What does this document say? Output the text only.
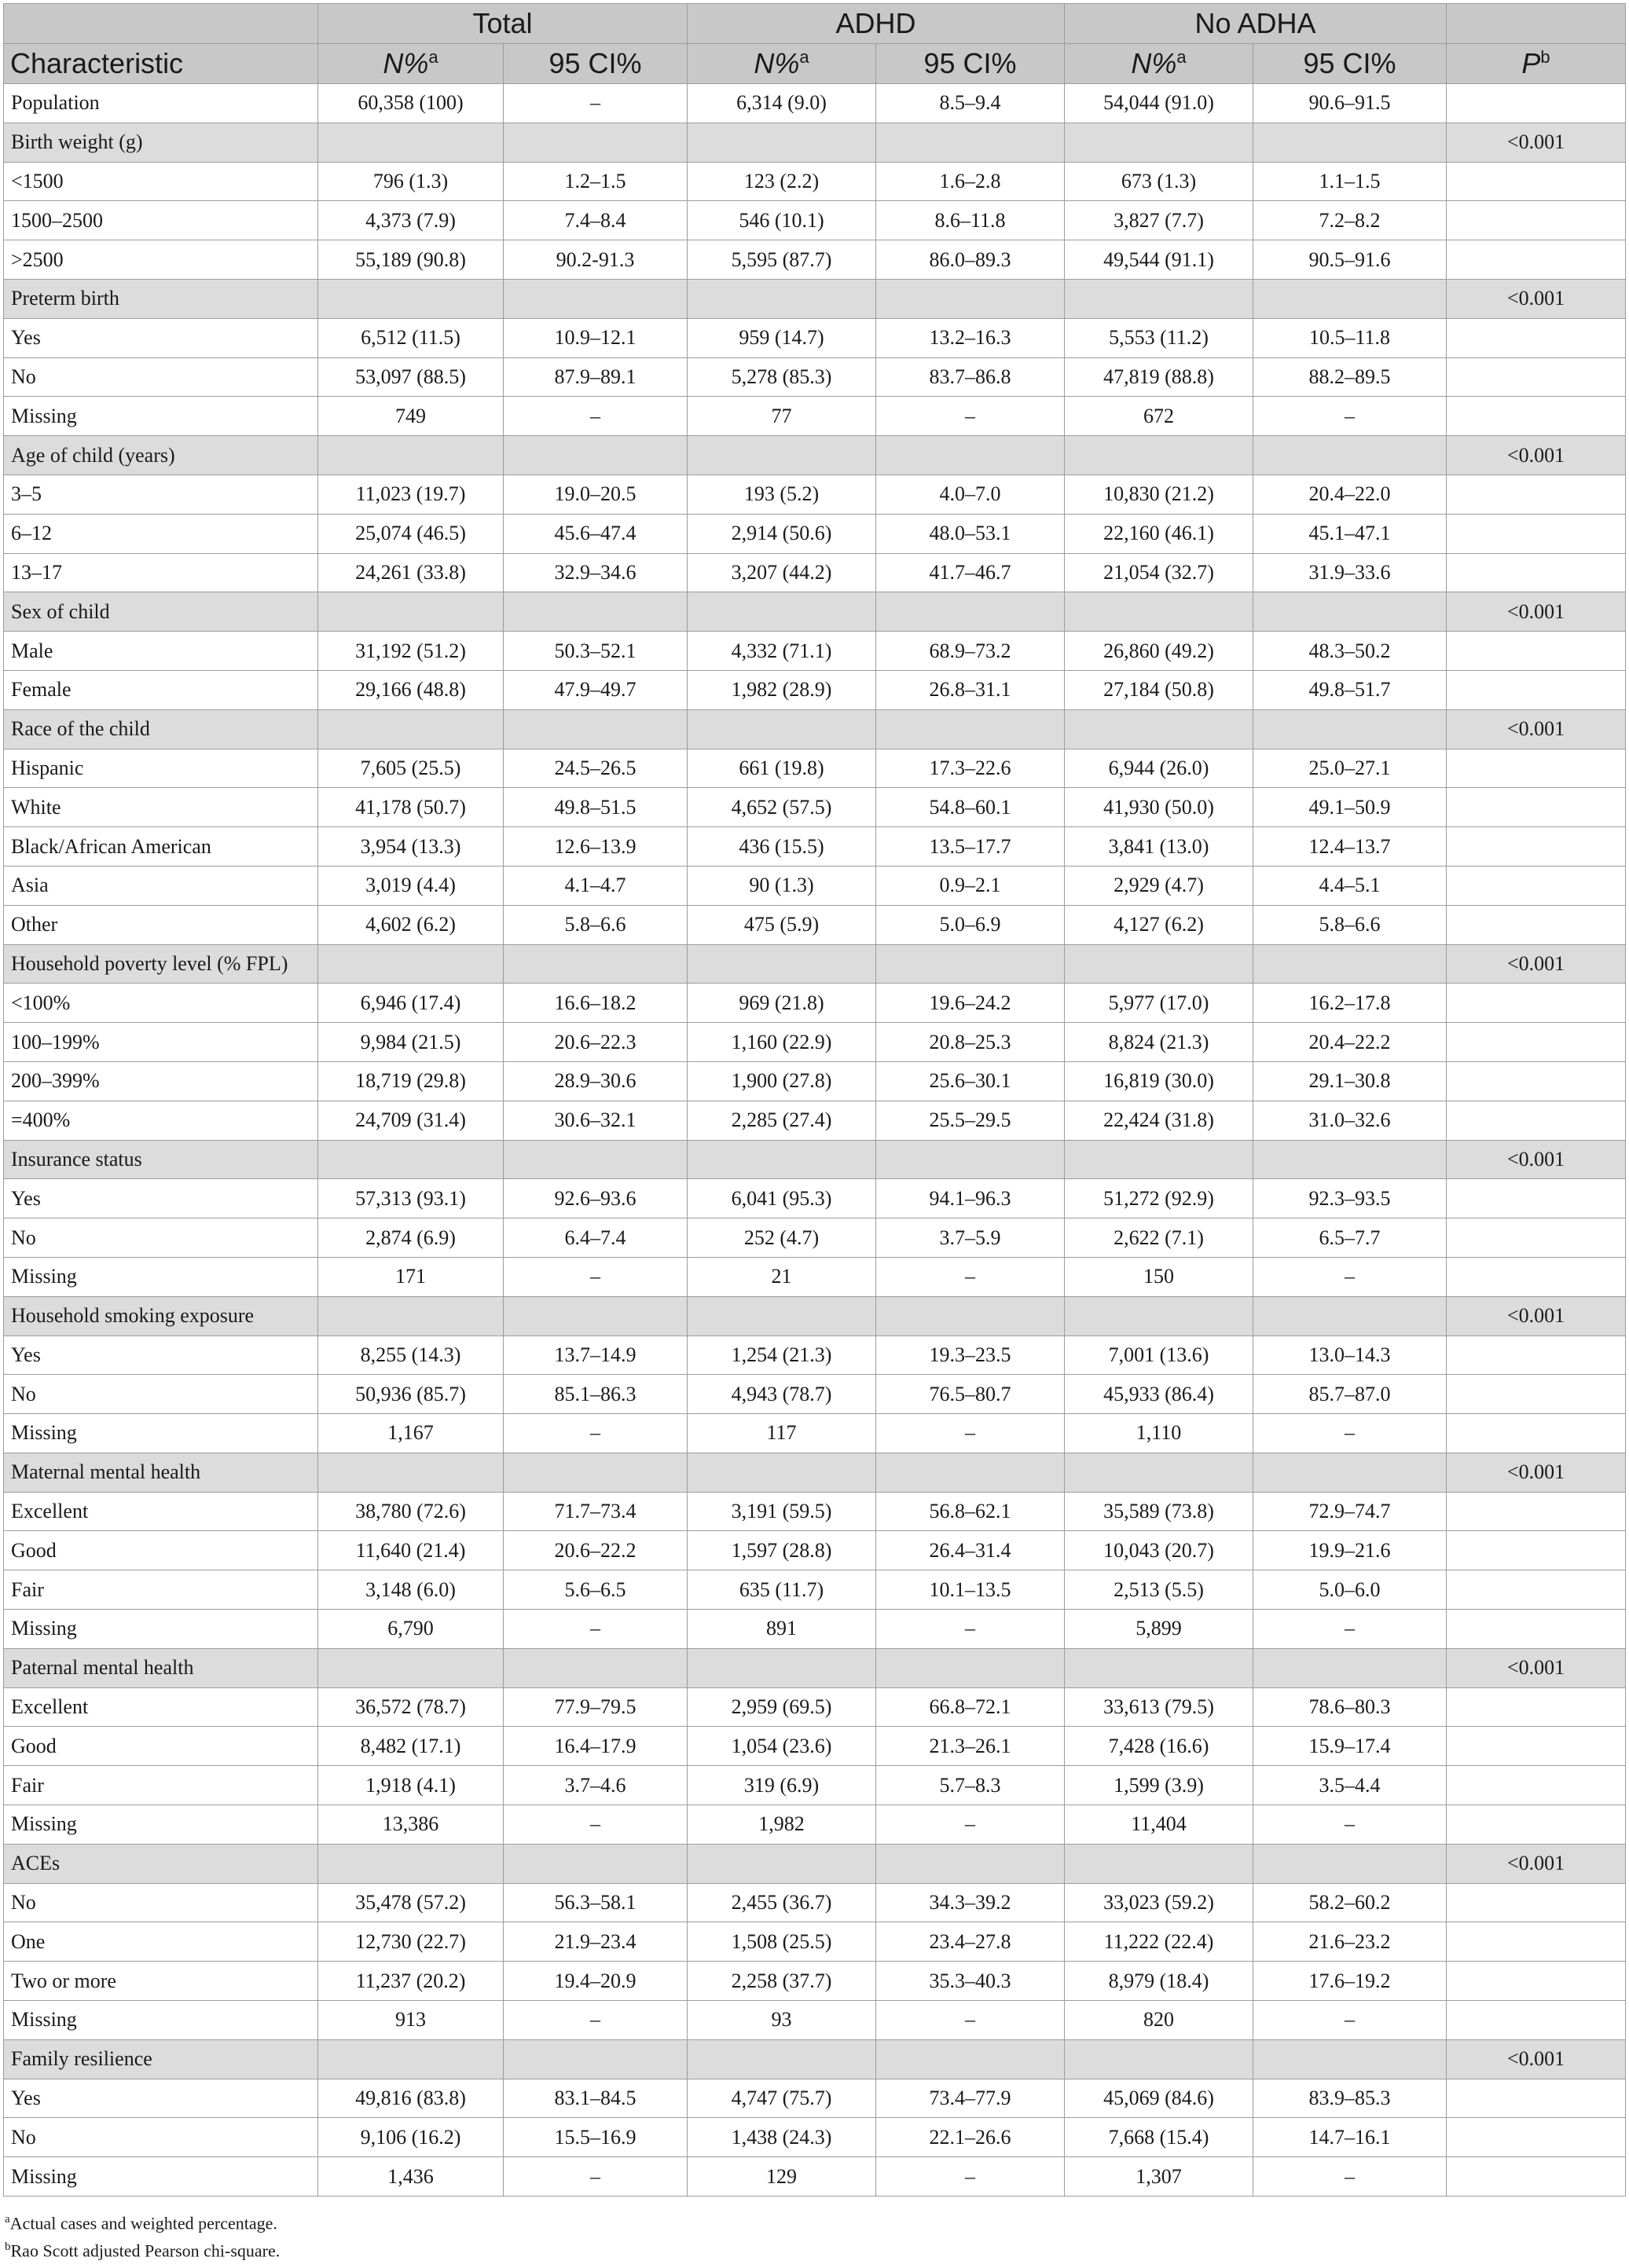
	Total		ADHD		No ADHA		
Characteristic	N%$^a$	95 CI%	N%$^a$	95 CI%	N%$^a$	95 CI%	$P^b$
Population	60,358 (100)	–	6,314 (9.0)	8.5–9.4	54,044 (91.0)	90.6–91.5	
Birth weight (g)							<0.001
<1500	796 (1.3)	1.2–1.5	123 (2.2)	1.6–2.8	673 (1.3)	1.1–1.5	
1500–2500	4,373 (7.9)	7.4–8.4	546 (10.1)	8.6–11.8	3,827 (7.7)	7.2–8.2	
>2500	55,189 (90.8)	90.2-91.3	5,595 (87.7)	86.0–89.3	49,544 (91.1)	90.5–91.6	
Preterm birth							<0.001
Yes	6,512 (11.5)	10.9–12.1	959 (14.7)	13.2–16.3	5,553 (11.2)	10.5–11.8	
No	53,097 (88.5)	87.9–89.1	5,278 (85.3)	83.7–86.8	47,819 (88.8)	88.2–89.5	
Missing	749	–	77	–	672	–	
Age of child (years)							<0.001
3–5	11,023 (19.7)	19.0–20.5	193 (5.2)	4.0–7.0	10,830 (21.2)	20.4–22.0	
6–12	25,074 (46.5)	45.6–47.4	2,914 (50.6)	48.0–53.1	22,160 (46.1)	45.1–47.1	
13–17	24,261 (33.8)	32.9–34.6	3,207 (44.2)	41.7–46.7	21,054 (32.7)	31.9–33.6	
Sex of child							<0.001
Male	31,192 (51.2)	50.3–52.1	4,332 (71.1)	68.9–73.2	26,860 (49.2)	48.3–50.2	
Female	29,166 (48.8)	47.9–49.7	1,982 (28.9)	26.8–31.1	27,184 (50.8)	49.8–51.7	
Race of the child							<0.001
Hispanic	7,605 (25.5)	24.5–26.5	661 (19.8)	17.3–22.6	6,944 (26.0)	25.0–27.1	
White	41,178 (50.7)	49.8–51.5	4,652 (57.5)	54.8–60.1	41,930 (50.0)	49.1–50.9	
Black/African American	3,954 (13.3)	12.6–13.9	436 (15.5)	13.5–17.7	3,841 (13.0)	12.4–13.7	
Asia	3,019 (4.4)	4.1–4.7	90 (1.3)	0.9–2.1	2,929 (4.7)	4.4–5.1	
Other	4,602 (6.2)	5.8–6.6	475 (5.9)	5.0–6.9	4,127 (6.2)	5.8–6.6	
Household poverty level (% FPL)							<0.001
<100%	6,946 (17.4)	16.6–18.2	969 (21.8)	19.6–24.2	5,977 (17.0)	16.2–17.8	
100–199%	9,984 (21.5)	20.6–22.3	1,160 (22.9)	20.8–25.3	8,824 (21.3)	20.4–22.2	
200–399%	18,719 (29.8)	28.9–30.6	1,900 (27.8)	25.6–30.1	16,819 (30.0)	29.1–30.8	
=400%	24,709 (31.4)	30.6–32.1	2,285 (27.4)	25.5–29.5	22,424 (31.8)	31.0–32.6	
Insurance status							<0.001
Yes	57,313 (93.1)	92.6–93.6	6,041 (95.3)	94.1–96.3	51,272 (92.9)	92.3–93.5	
No	2,874 (6.9)	6.4–7.4	252 (4.7)	3.7–5.9	2,622 (7.1)	6.5–7.7	
Missing	171	–	21	–	150	–	
Household smoking exposure							<0.001
Yes	8,255 (14.3)	13.7–14.9	1,254 (21.3)	19.3–23.5	7,001 (13.6)	13.0–14.3	
No	50,936 (85.7)	85.1–86.3	4,943 (78.7)	76.5–80.7	45,933 (86.4)	85.7–87.0	
Missing	1,167	–	117	–	1,110	–	
Maternal mental health							<0.001
Excellent	38,780 (72.6)	71.7–73.4	3,191 (59.5)	56.8–62.1	35,589 (73.8)	72.9–74.7	
Good	11,640 (21.4)	20.6–22.2	1,597 (28.8)	26.4–31.4	10,043 (20.7)	19.9–21.6	
Fair	3,148 (6.0)	5.6–6.5	635 (11.7)	10.1–13.5	2,513 (5.5)	5.0–6.0	
Missing	6,790	–	891	–	5,899	–	
Paternal mental health							<0.001
Excellent	36,572 (78.7)	77.9–79.5	2,959 (69.5)	66.8–72.1	33,613 (79.5)	78.6–80.3	
Good	8,482 (17.1)	16.4–17.9	1,054 (23.6)	21.3–26.1	7,428 (16.6)	15.9–17.4	
Fair	1,918 (4.1)	3.7–4.6	319 (6.9)	5.7–8.3	1,599 (3.9)	3.5–4.4	
Missing	13,386	–	1,982	–	11,404	–	
ACEs							<0.001
No	35,478 (57.2)	56.3–58.1	2,455 (36.7)	34.3–39.2	33,023 (59.2)	58.2–60.2	
One	12,730 (22.7)	21.9–23.4	1,508 (25.5)	23.4–27.8	11,222 (22.4)	21.6–23.2	
Two or more	11,237 (20.2)	19.4–20.9	2,258 (37.7)	35.3–40.3	8,979 (18.4)	17.6–19.2	
Missing	913	–	93	–	820	–	
Family resilience							<0.001
Yes	49,816 (83.8)	83.1–84.5	4,747 (75.7)	73.4–77.9	45,069 (84.6)	83.9–85.3	
No	9,106 (16.2)	15.5–16.9	1,438 (24.3)	22.1–26.6	7,668 (15.4)	14.7–16.1	
Missing	1,436	–	129	–	1,307	–	
$^a$Actual cases and weighted percentage.
$^b$Rao Scott adjusted Pearson chi-square.
